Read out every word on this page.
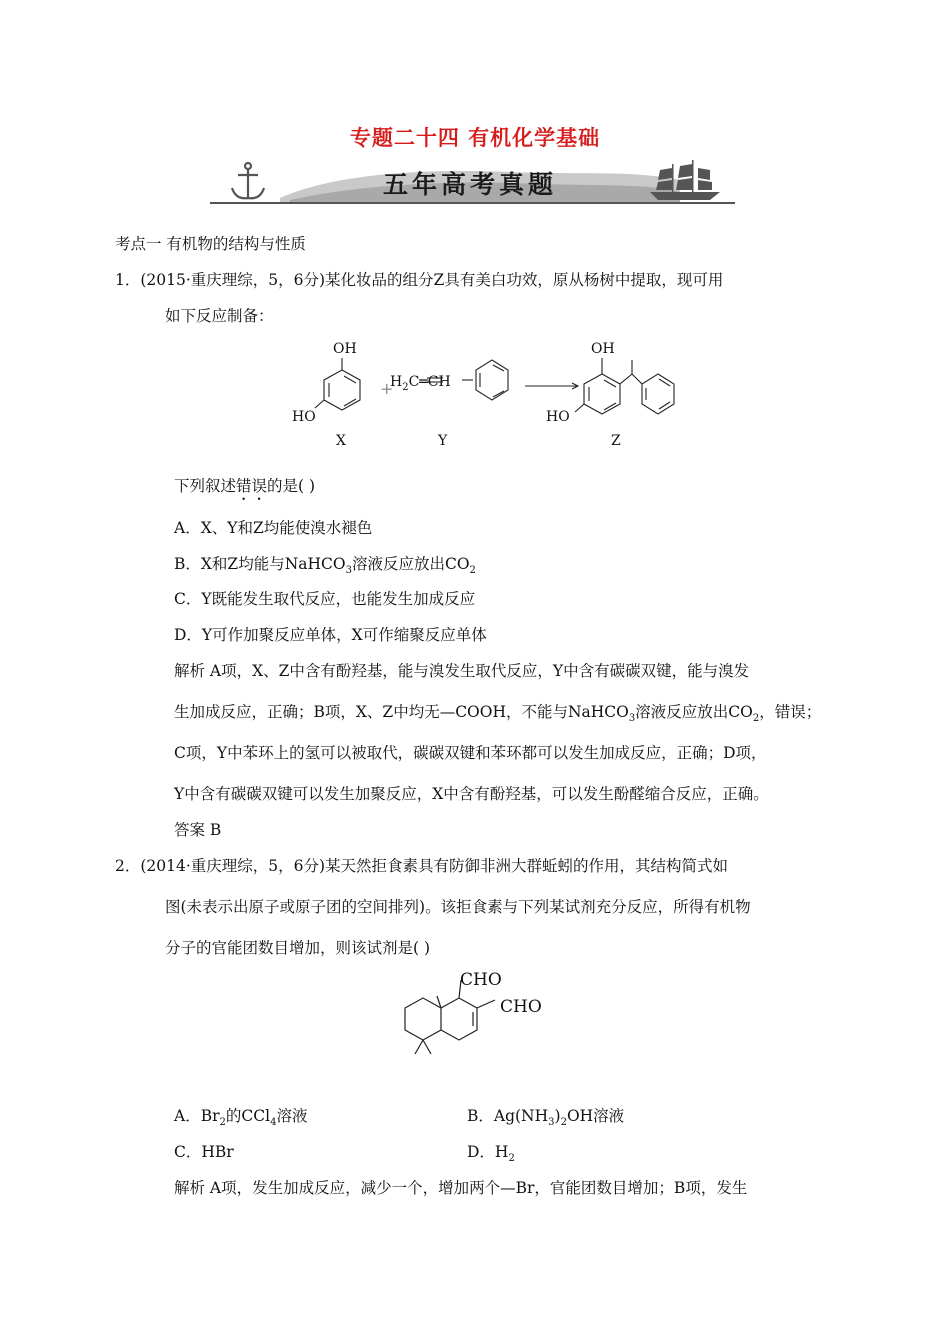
专题二十四 有机化学基础
五年高考真题
考点一 有机物的结构与性质
1．(2015·重庆理综，5，6分)某化妆品的组分Z具有美白功效，原从杨树中提取，现可用
如下反应制备：
+
OH
HO
X
$H_2C═CH$
Y
OH
HO
Z
下列叙述错误的是( )
A．X、Y和Z均能使溴水褪色
B．X和Z均能与NaHCO$_3$溶液反应放出$CO_2$
C．Y既能发生取代反应，也能发生加成反应
D．Y可作加聚反应单体，X可作缩聚反应单体
解析 A项，X、Z中含有酚羟基，能与溴发生取代反应，Y中含有碳碳双键，能与溴发
生加成反应，正确；B项，X、Z中均无—COOH，不能与NaHCO$_3$溶液反应放出$CO_2$，错误；
C项，Y中苯环上的氢可以被取代，碳碳双键和苯环都可以发生加成反应，正确；D项，
Y中含有碳碳双键可以发生加聚反应，X中含有酚羟基，可以发生酚醛缩合反应，正确。
答案 B
2．(2014·重庆理综，5，6分)某天然拒食素具有防御非洲大群蚯蚓的作用，其结构简式如
图(未表示出原子或原子团的空间排列)。该拒食素与下列某试剂充分反应，所得有机物
分子的官能团数目增加，则该试剂是( )
CHO
CHO
A．$Br_2$的CCl$_4$溶液	B．$Ag(NH_3)_2OH$溶液
C．HBr	D．$H_2$
解析 A项，发生加成反应，减少一个，增加两个—Br，官能团数目增加；B项，发生
